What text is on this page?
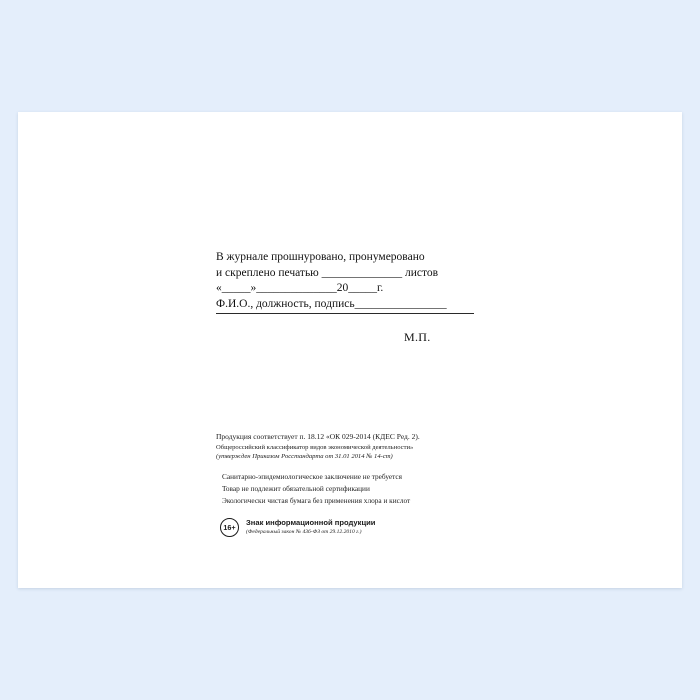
В журнале прошнуровано, пронумеровано
и скреплено печатью ______________ листов
«_____»______________20_____г.
Ф.И.О., должность, подпись________________
М.П.
Продукция соответствует п. 18.12 «ОК 029-2014 (КДЕС Ред. 2).
Общероссийский классификатор видов экономической деятельности»
(утвержден Приказом Росстандарта от 31.01 2014 № 14-ст)
Санитарно-эпидемиологическое заключение не требуется
Товар не подлежит обязательной сертификации
Экологически чистая бумага без применения хлора и кислот
16+	Знак информационной продукции
(Федеральный закон № 436-ФЗ от 29.12.2010 г.)
